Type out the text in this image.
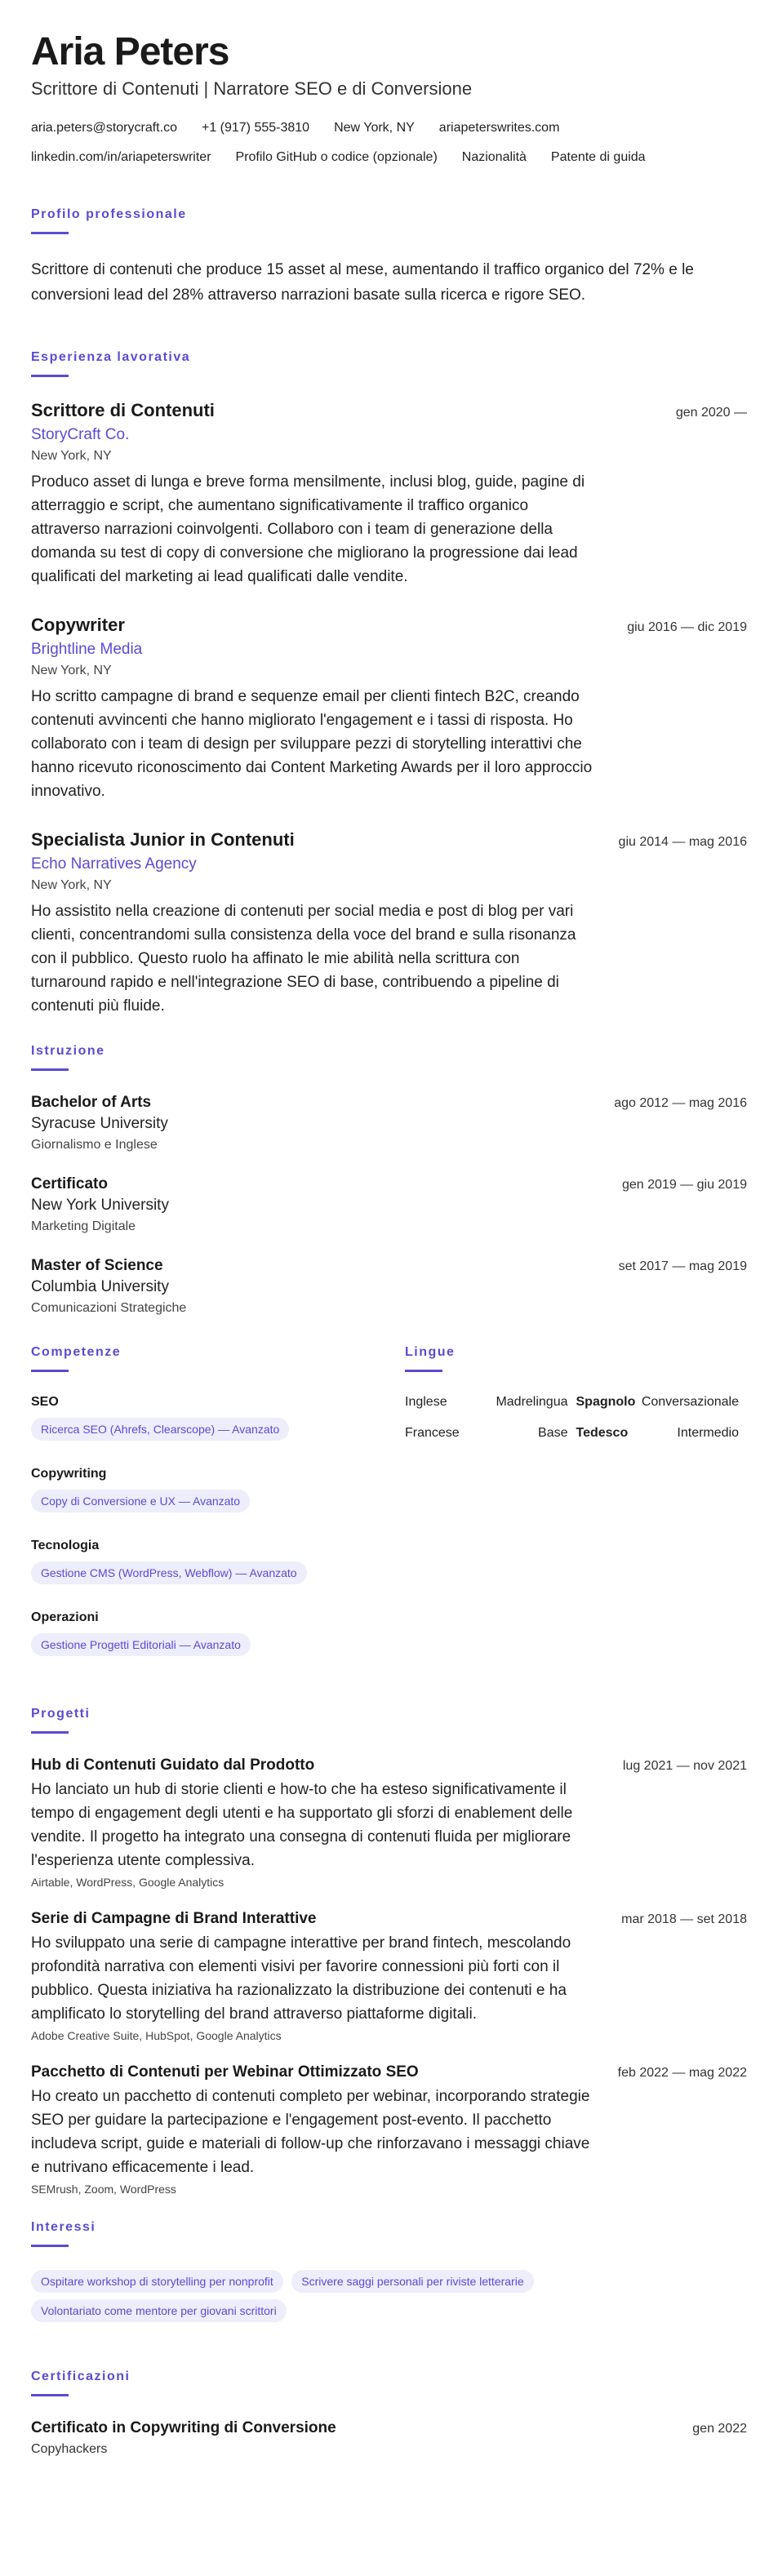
Aria Peters
Scrittore di Contenuti | Narratore SEO e di Conversione
aria.peters@storycraft.co +1 (917) 555-3810 New York, NY ariapeterswrites.com
linkedin.com/in/ariapeterswriter Profilo GitHub o codice (opzionale) Nazionalità Patente di guida
Profilo professionale

Scrittore di contenuti che produce 15 asset al mese, aumentando il traffico organico del 72% e le conversioni lead del 28% attraverso narrazioni basate sulla ricerca e rigore SEO.

Esperienza lavorativa
Scrittore di Contenuti	gen 2020 —
StoryCraft Co.
New York, NY
Produco asset di lunga e breve forma mensilmente, inclusi blog, guide, pagine di atterraggio e script, che aumentano significativamente il traffico organico attraverso narrazioni coinvolgenti. Collaboro con i team di generazione della domanda su test di copy di conversione che migliorano la progressione dai lead qualificati del marketing ai lead qualificati dalle vendite.
Copywriter	giu 2016 — dic 2019
Brightline Media
New York, NY
Ho scritto campagne di brand e sequenze email per clienti fintech B2C, creando contenuti avvincenti che hanno migliorato l'engagement e i tassi di risposta. Ho collaborato con i team di design per sviluppare pezzi di storytelling interattivi che hanno ricevuto riconoscimento dai Content Marketing Awards per il loro approccio innovativo.
Specialista Junior in Contenuti	giu 2014 — mag 2016
Echo Narratives Agency
New York, NY
Ho assistito nella creazione di contenuti per social media e post di blog per vari clienti, concentrandomi sulla consistenza della voce del brand e sulla risonanza con il pubblico. Questo ruolo ha affinato le mie abilità nella scrittura con turnaround rapido e nell'integrazione SEO di base, contribuendo a pipeline di contenuti più fluide.
Istruzione
Bachelor of Arts	ago 2012 — mag 2016
Syracuse University
Giornalismo e Inglese
Certificato	gen 2019 — giu 2019
New York University
Marketing Digitale
Master of Science	set 2017 — mag 2019
Columbia University
Comunicazioni Strategiche
Competenze
SEO
Ricerca SEO (Ahrefs, Clearscope) — Avanzato
Copywriting
Copy di Conversione e UX — Avanzato
Tecnologia
Gestione CMS (WordPress, Webflow) — Avanzato
Operazioni
Gestione Progetti Editoriali — Avanzato
Lingue
Inglese	Madrelingua Spagnolo Conversazionale
Francese	Base Tedesco	Intermedio
Progetti
Hub di Contenuti Guidato dal Prodotto	lug 2021 — nov 2021
Ho lanciato un hub di storie clienti e how-to che ha esteso significativamente il tempo di engagement degli utenti e ha supportato gli sforzi di enablement delle vendite. Il progetto ha integrato una consegna di contenuti fluida per migliorare l'esperienza utente complessiva.
Airtable, WordPress, Google Analytics
Serie di Campagne di Brand Interattive	mar 2018 — set 2018
Ho sviluppato una serie di campagne interattive per brand fintech, mescolando profondità narrativa con elementi visivi per favorire connessioni più forti con il pubblico. Questa iniziativa ha razionalizzato la distribuzione dei contenuti e ha amplificato lo storytelling del brand attraverso piattaforme digitali.
Adobe Creative Suite, HubSpot, Google Analytics
Pacchetto di Contenuti per Webinar Ottimizzato SEO	feb 2022 — mag 2022
Ho creato un pacchetto di contenuti completo per webinar, incorporando strategie SEO per guidare la partecipazione e l'engagement post-evento. Il pacchetto includeva script, guide e materiali di follow-up che rinforzavano i messaggi chiave e nutrivano efficacemente i lead.
SEMrush, Zoom, WordPress
Interessi
Ospitare workshop di storytelling per nonprofit Scrivere saggi personali per riviste letterarie Volontariato come mentore per giovani scrittori
Certificazioni
Certificato in Copywriting di Conversione	gen 2022
Copyhackers
